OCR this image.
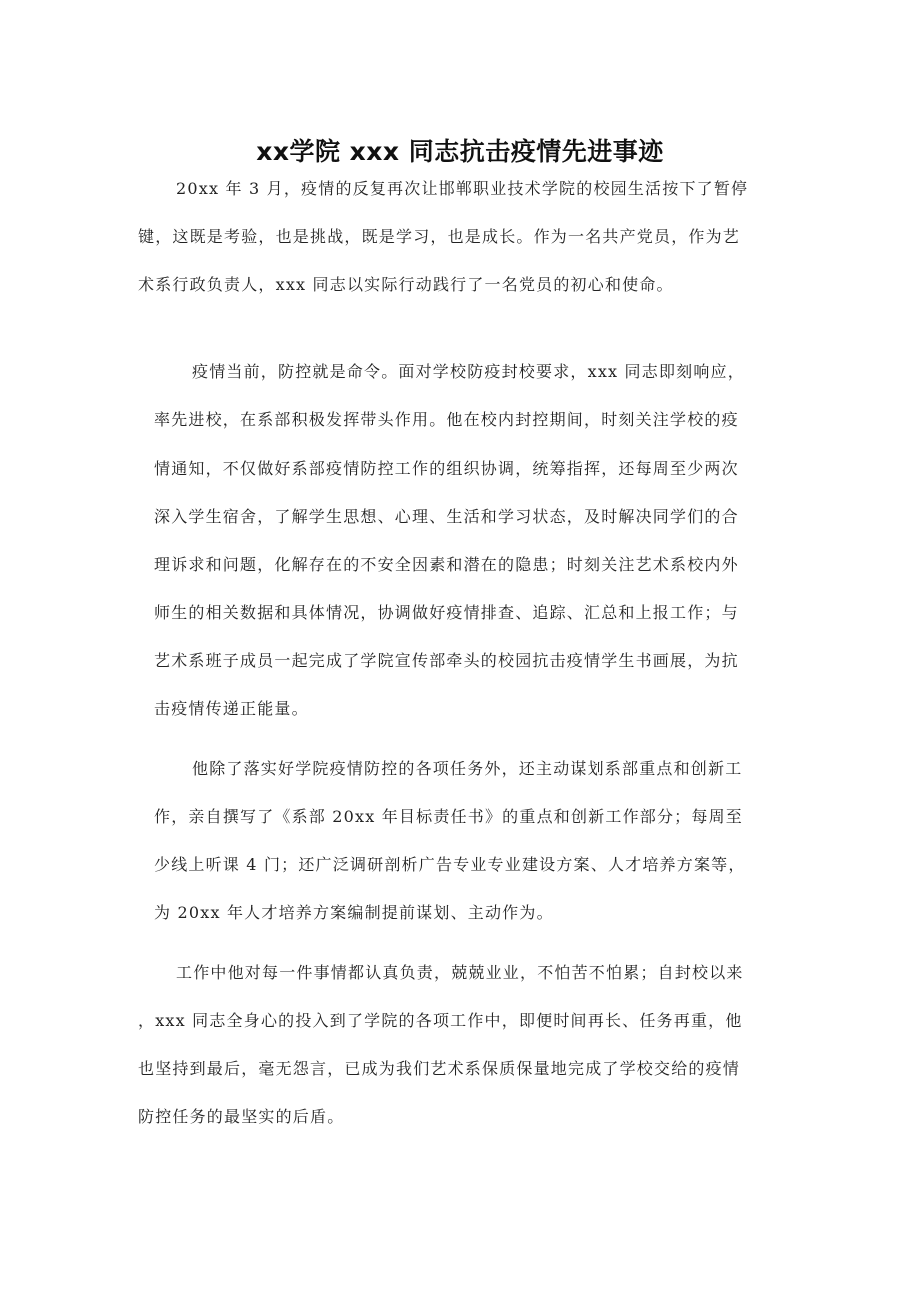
xx学院 xxx 同志抗击疫情先进事迹
20xx 年 3 月，疫情的反复再次让邯郸职业技术学院的校园生活按下了暂停
键，这既是考验，也是挑战，既是学习，也是成长。作为一名共产党员，作为艺
术系行政负责人，xxx 同志以实际行动践行了一名党员的初心和使命。
疫情当前，防控就是命令。面对学校防疫封校要求，xxx 同志即刻响应，
率先进校，在系部积极发挥带头作用。他在校内封控期间，时刻关注学校的疫
情通知，不仅做好系部疫情防控工作的组织协调，统筹指挥，还每周至少两次
深入学生宿舍，了解学生思想、心理、生活和学习状态，及时解决同学们的合
理诉求和问题，化解存在的不安全因素和潜在的隐患；时刻关注艺术系校内外
师生的相关数据和具体情况，协调做好疫情排查、追踪、汇总和上报工作；与
艺术系班子成员一起完成了学院宣传部牵头的校园抗击疫情学生书画展，为抗
击疫情传递正能量。
他除了落实好学院疫情防控的各项任务外，还主动谋划系部重点和创新工
作，亲自撰写了《系部 20xx 年目标责任书》的重点和创新工作部分；每周至
少线上听课 4 门；还广泛调研剖析广告专业专业建设方案、人才培养方案等，
为 20xx 年人才培养方案编制提前谋划、主动作为。
工作中他对每一件事情都认真负责，兢兢业业，不怕苦不怕累；自封校以来
，xxx 同志全身心的投入到了学院的各项工作中，即便时间再长、任务再重，他
也坚持到最后，毫无怨言，已成为我们艺术系保质保量地完成了学校交给的疫情
防控任务的最坚实的后盾。
